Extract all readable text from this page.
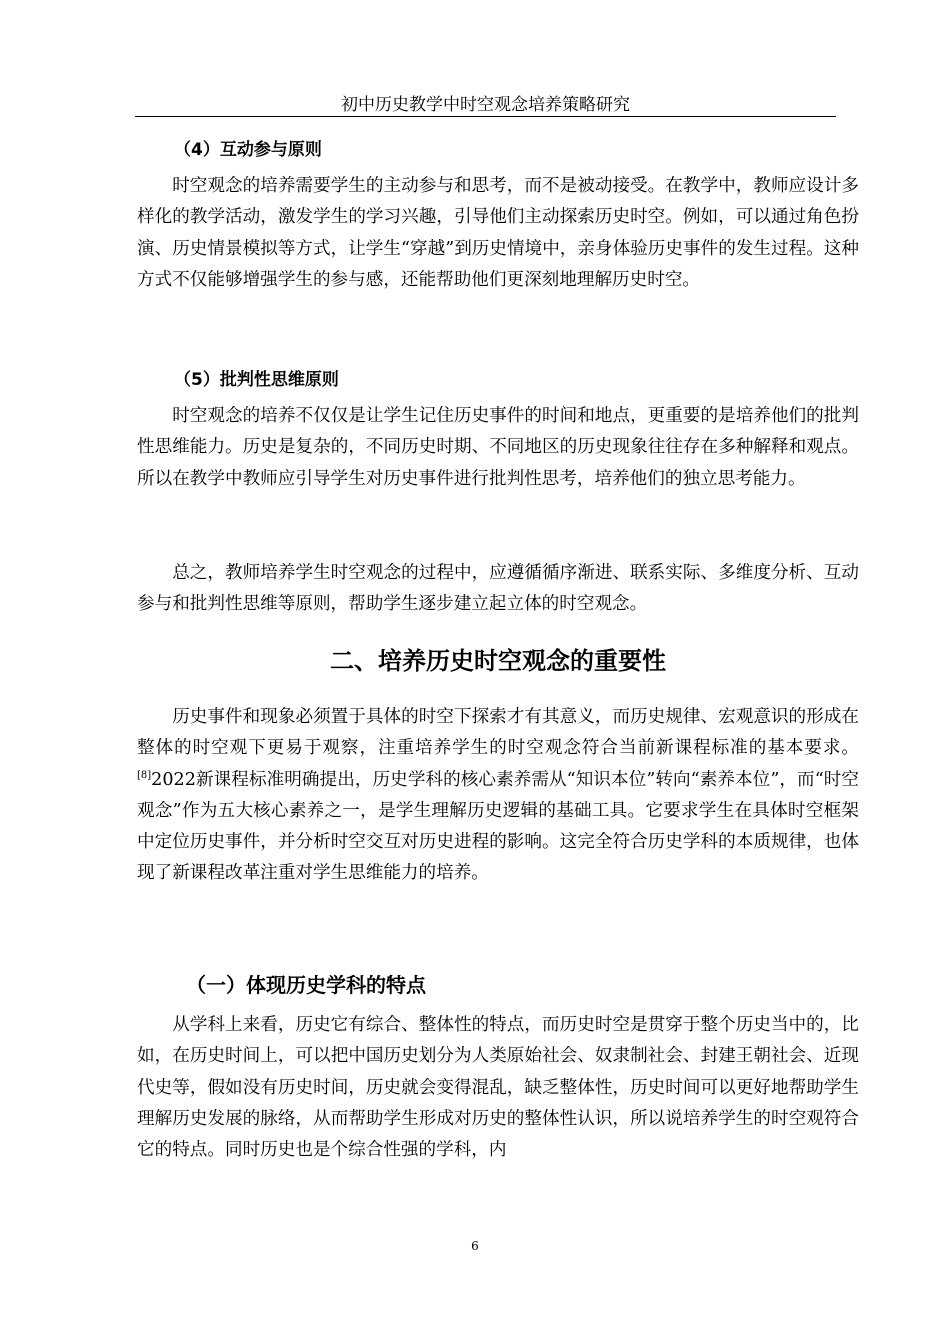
初中历史教学中时空观念培养策略研究
（4）互动参与原则

时空观念的培养需要学生的主动参与和思考，而不是被动接受。在教学中，教师应设计多样化的教学活动，激发学生的学习兴趣，引导他们主动探索历史时空。例如，可以通过角色扮演、历史情景模拟等方式，让学生“穿越”到历史情境中，亲身体验历史事件的发生过程。这种方式不仅能够增强学生的参与感，还能帮助他们更深刻地理解历史时空。

（5）批判性思维原则

时空观念的培养不仅仅是让学生记住历史事件的时间和地点，更重要的是培养他们的批判性思维能力。历史是复杂的，不同历史时期、不同地区的历史现象往往存在多种解释和观点。所以在教学中教师应引导学生对历史事件进行批判性思考，培养他们的独立思考能力。

总之，教师培养学生时空观念的过程中，应遵循循序渐进、联系实际、多维度分析、互动参与和批判性思维等原则，帮助学生逐步建立起立体的时空观念。

二、培养历史时空观念的重要性

历史事件和现象必须置于具体的时空下探索才有其意义，而历史规律、宏观意识的形成在整体的时空观下更易于观察，注重培养学生的时空观念符合当前新课程标准的基本要求。[8]2022新课程标准明确提出，历史学科的核心素养需从“知识本位”转向“素养本位”，而“时空观念”作为五大核心素养之一，是学生理解历史逻辑的基础工具。它要求学生在具体时空框架中定位历史事件，并分析时空交互对历史进程的影响。这完全符合历史学科的本质规律，也体现了新课程改革注重对学生思维能力的培养。

（一）体现历史学科的特点

从学科上来看，历史它有综合、整体性的特点，而历史时空是贯穿于整个历史当中的，比如，在历史时间上，可以把中国历史划分为人类原始社会、奴隶制社会、封建王朝社会、近现代史等，假如没有历史时间，历史就会变得混乱，缺乏整体性，历史时间可以更好地帮助学生理解历史发展的脉络，从而帮助学生形成对历史的整体性认识，所以说培养学生的时空观符合它的特点。同时历史也是个综合性强的学科，内

6
